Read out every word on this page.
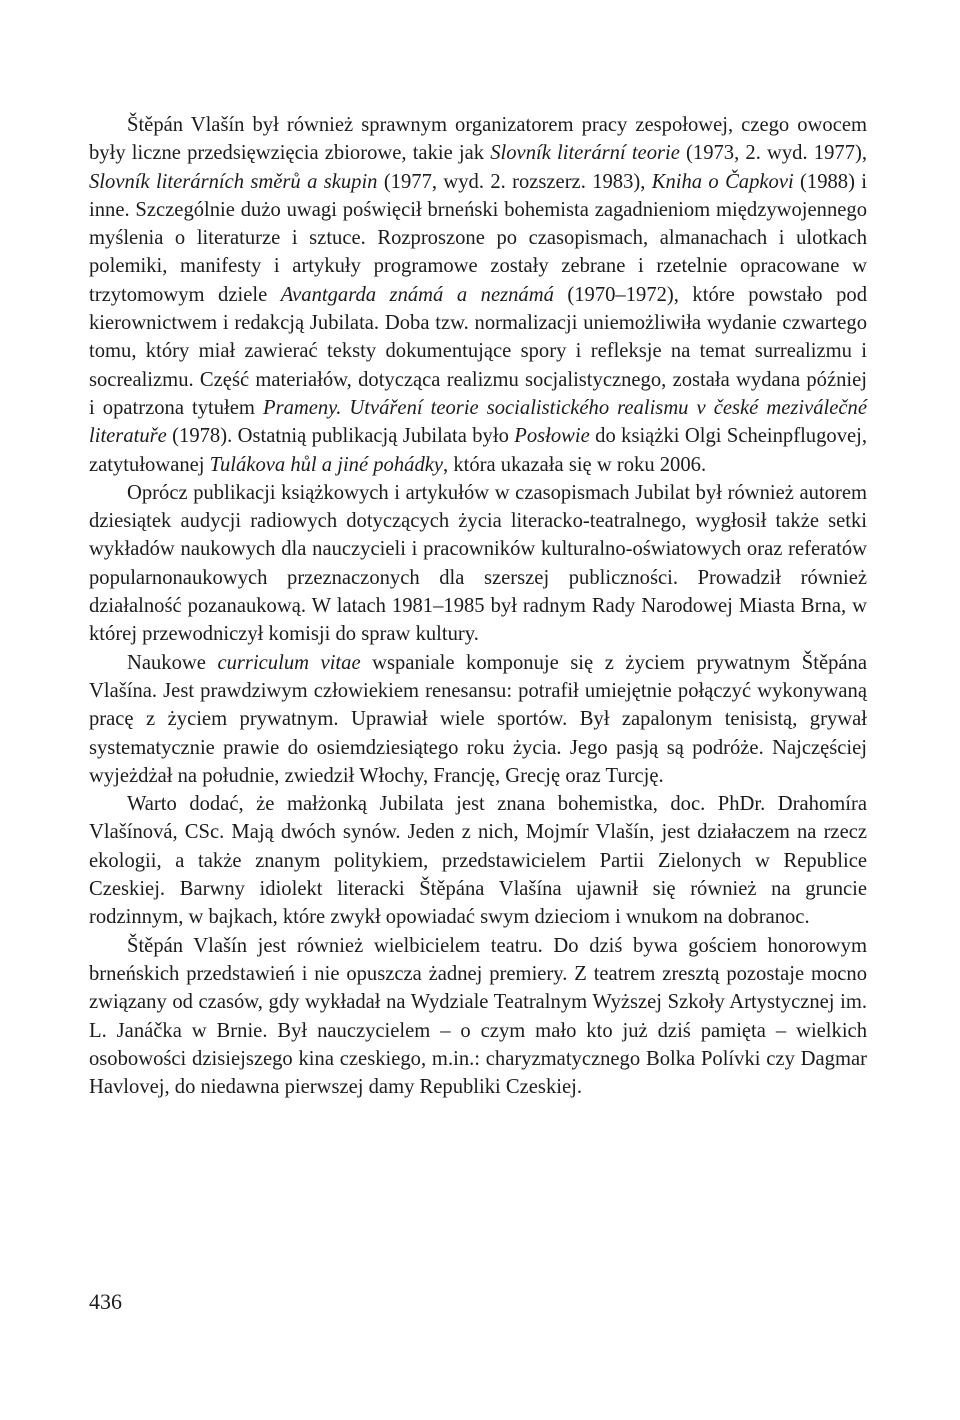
Štěpán Vlašín był również sprawnym organizatorem pracy zespołowej, czego owocem były liczne przedsięwzięcia zbiorowe, takie jak Slovník literární teorie (1973, 2. wyd. 1977), Slovník literárních směrů a skupin (1977, wyd. 2. rozszerz. 1983), Kniha o Čapkovi (1988) i inne. Szczególnie dużo uwagi poświęcił brneński bohemista zagadnieniom międzywojennego myślenia o literaturze i sztuce. Rozproszone po czasopismach, almanachach i ulotkach polemiki, manifesty i artykuły programowe zostały zebrane i rzetelnie opracowane w trzytomowym dziele Avantgarda známá a neznámá (1970–1972), które powstało pod kierownictwem i redakcją Jubilata. Doba tzw. normalizacji uniemożliwiła wydanie czwartego tomu, który miał zawierać teksty dokumentujące spory i refleksje na temat surrealizmu i socrealizmu. Część materiałów, dotycząca realizmu socjalistycznego, została wydana później i opatrzona tytułem Prameny. Utváření teorie socialistického realismu v české meziválečné literatuře (1978). Ostatnią publikacją Jubilata było Posłowie do książki Olgi Scheinpflugovej, zatytułowanej Tulákova hůl a jiné pohádky, która ukazała się w roku 2006.

Oprócz publikacji książkowych i artykułów w czasopismach Jubilat był również autorem dziesiątek audycji radiowych dotyczących życia literacko-teatralnego, wygłosił także setki wykładów naukowych dla nauczycieli i pracowników kulturalno-oświatowych oraz referatów popularnonaukowych przeznaczonych dla szerszej publiczności. Prowadził również działalność pozanaukową. W latach 1981–1985 był radnym Rady Narodowej Miasta Brna, w której przewodniczył komisji do spraw kultury.

Naukowe curriculum vitae wspaniale komponuje się z życiem prywatnym Štěpána Vlašína. Jest prawdziwym człowiekiem renesansu: potrafił umiejętnie połączyć wykonywaną pracę z życiem prywatnym. Uprawiał wiele sportów. Był zapalonym tenisistą, grywał systematycznie prawie do osiemdziesiątego roku życia. Jego pasją są podróże. Najczęściej wyjeżdżał na południe, zwiedził Włochy, Francję, Grecję oraz Turcję.

Warto dodać, że małżonką Jubilata jest znana bohemistka, doc. PhDr. Drahomíra Vlašínová, CSc. Mają dwóch synów. Jeden z nich, Mojmír Vlašín, jest działaczem na rzecz ekologii, a także znanym politykiem, przedstawicielem Partii Zielonych w Republice Czeskiej. Barwny idiolekt literacki Štěpána Vlašína ujawnił się również na gruncie rodzinnym, w bajkach, które zwykł opowiadać swym dzieciom i wnukom na dobranoc.

Štěpán Vlašín jest również wielbicielem teatru. Do dziś bywa gościem honorowym brneńskich przedstawień i nie opuszcza żadnej premiery. Z teatrem zresztą pozostaje mocno związany od czasów, gdy wykładał na Wydziale Teatralnym Wyższej Szkoły Artystycznej im. L. Janáčka w Brnie. Był nauczycielem – o czym mało kto już dziś pamięta – wielkich osobowości dzisiejszego kina czeskiego, m.in.: charyzmatycznego Bolka Polívki czy Dagmar Havlovej, do niedawna pierwszej damy Republiki Czeskiej.

436
